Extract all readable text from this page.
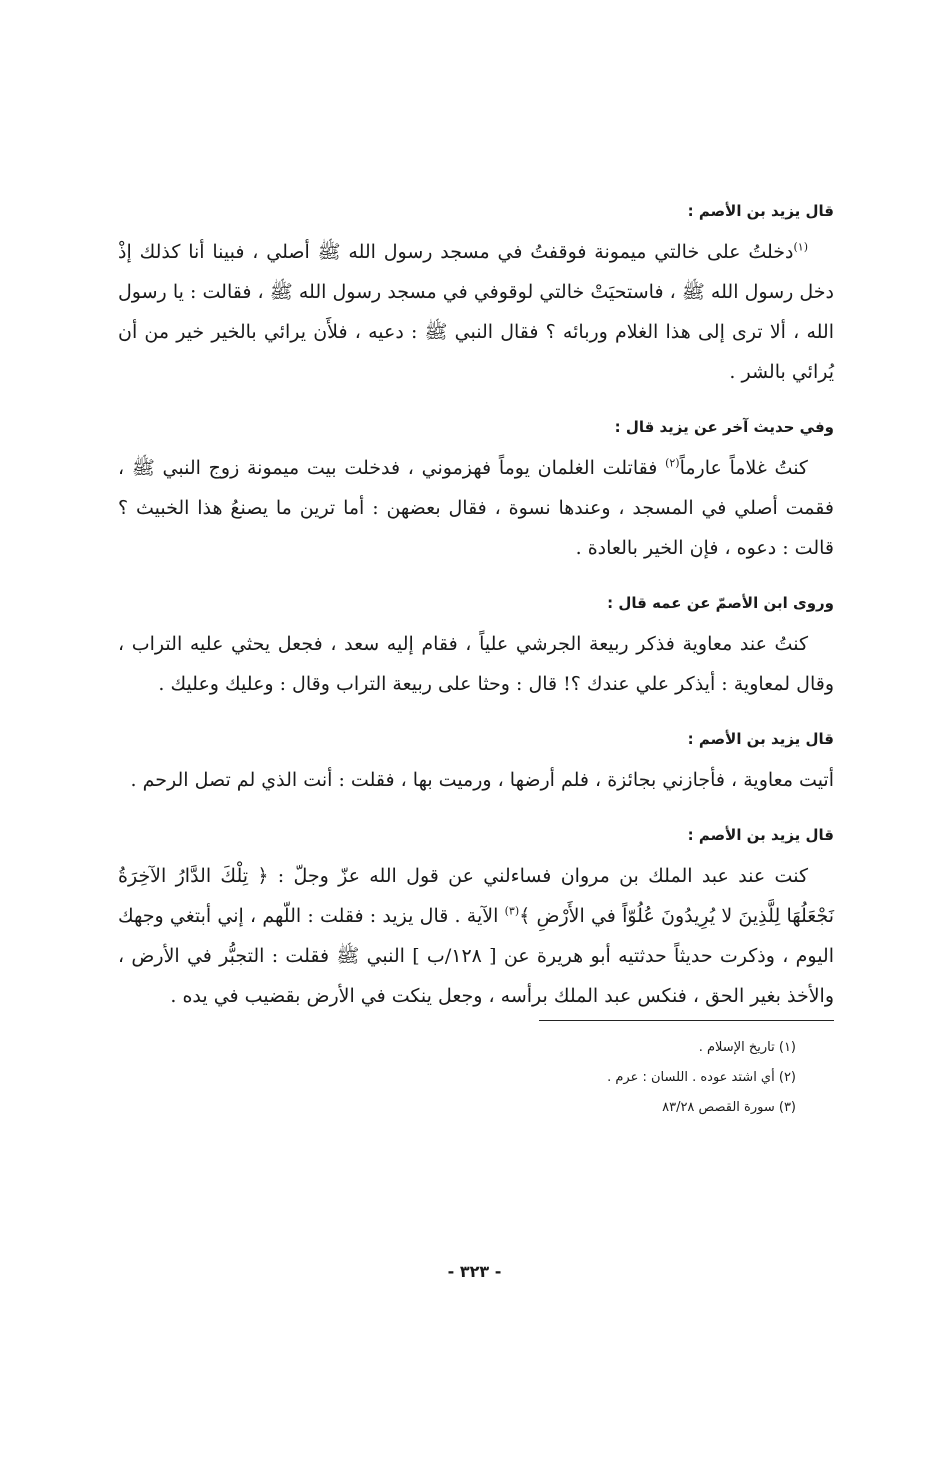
قال يزيد بن الأصم :

$^{(١)}$دخلتُ على خالتي ميمونة فوقفتُ في مسجد رسول الله ﷺ أصلي ، فبينا أنا كذلك إذْ دخل رسول الله ﷺ ، فاستحيَتْ خالتي لوقوفي في مسجد رسول الله ﷺ ، فقالت : يا رسول الله ، ألا ترى إلى هذا الغلام وربائه ؟ فقال النبي ﷺ : دعيه ، فلأَن يرائي بالخير خير من أن يُرائي بالشر .

وفي حديث آخر عن يزيد قال :

كنتُ غلاماً عارماً$^{(٢)}$ فقاتلت الغلمان يوماً فهزموني ، فدخلت بيت ميمونة زوج النبي ﷺ ، فقمت أصلي في المسجد ، وعندها نسوة ، فقال بعضهن : أما ترين ما يصنعُ هذا الخبيث ؟ قالت : دعوه ، فإن الخير بالعادة .

وروى ابن الأصمّ عن عمه قال :

كنتُ عند معاوية فذكر ربيعة الجرشي علياً ، فقام إليه سعد ، فجعل يحثي عليه التراب ، وقال لمعاوية : أيذكر علي عندك ؟! قال : وحثا على ربيعة التراب وقال : وعليك وعليك .

قال يزيد بن الأصم :

أتيت معاوية ، فأجازني بجائزة ، فلم أرضها ، ورميت بها ، فقلت : أنت الذي لم تصل الرحم .

قال يزيد بن الأصم :

كنت عند عبد الملك بن مروان فساءلني عن قول الله عزّ وجلّ : ﴿ تِلْكَ الدَّارُ الآخِرَةُ نَجْعَلُهَا لِلَّذِينَ لا يُرِيدُونَ عُلُوّاً في الأَرْضِ ﴾$^{(٣)}$ الآية . قال يزيد : فقلت : اللّهم ، إني أبتغي وجهك اليوم ، وذكرت حديثاً حدثتيه أبو هريرة عن [ ١٢٨/ب ] النبي ﷺ فقلت : التجبُّر في الأرض ، والأخذ بغير الحق ، فنكس عبد الملك برأسه ، وجعل ينكت في الأرض بقضيب في يده .

(١) تاريخ الإسلام .
(٢) أي اشتد عوده . اللسان : عرم .
(٣) سورة القصص ٨٣/٢٨
- ٣٢٣ -
